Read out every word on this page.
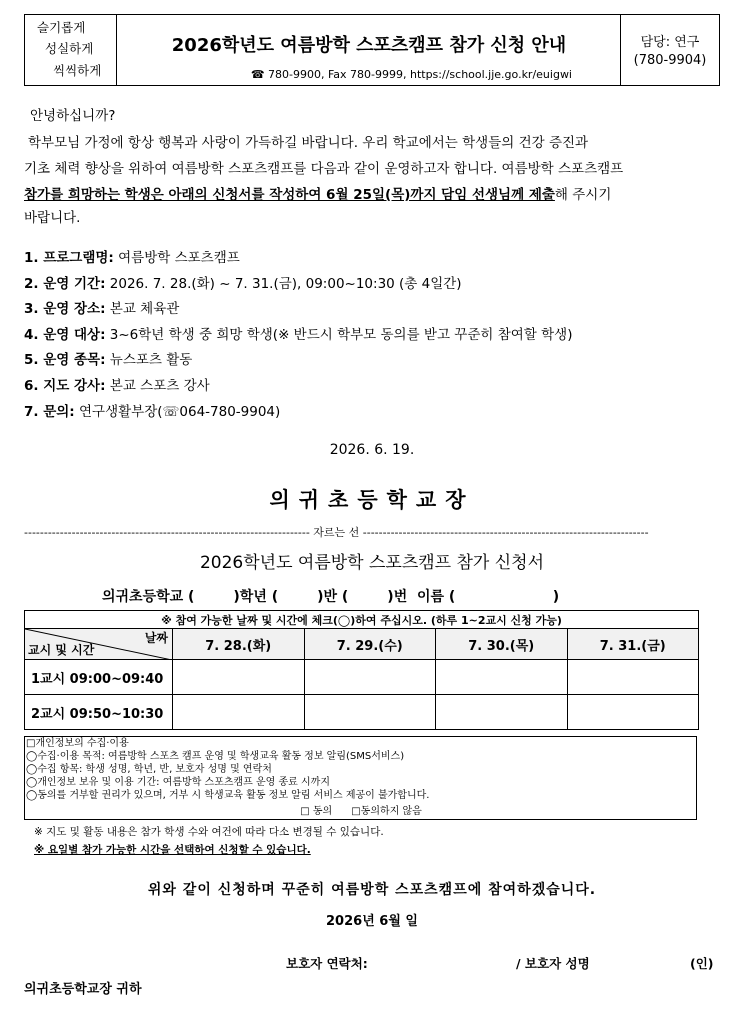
슬기롭게
성실하게
씩씩하게
2026학년도 여름방학 스포츠캠프 참가 신청 안내
☎ 780-9900, Fax 780-9999, https://school.jje.go.kr/euigwi
담당: 연구
(780-9904)
안녕하십니까?
학부모님 가정에 항상 행복과 사랑이 가득하길 바랍니다. 우리 학교에서는 학생들의 건강 증진과
기초 체력 향상을 위하여 여름방학 스포츠캠프를 다음과 같이 운영하고자 합니다. 여름방학 스포츠캠프
참가를 희망하는 학생은 아래의 신청서를 작성하여 6월 25일(목)까지 담임 선생님께 제출해 주시기
바랍니다.
1. 프로그램명: 여름방학 스포츠캠프
2. 운영 기간: 2026. 7. 28.(화) ~ 7. 31.(금), 09:00~10:30 (총 4일간)
3. 운영 장소: 본교 체육관
4. 운영 대상: 3~6학년 학생 중 희망 학생(※ 반드시 학부모 동의를 받고 꾸준히 참여할 학생)
5. 운영 종목: 뉴스포츠 활동
6. 지도 강사: 본교 스포츠 강사
7. 문의: 연구생활부장(☏064-780-9904)
2026. 6. 19.
의귀초등학교장
------------------------------------------------------------------------ 자르는 선 ------------------------------------------------------------------------
2026학년도 여름방학 스포츠캠프 참가 신청서
의귀초등학교 (        )학년 (        )반 (        )번  이름 (                    )
※ 참여 가능한 날짜 및 시간에 체크(◯)하여 주십시오. (하루 1~2교시 신청 가능)				

날짜
교시 및 시간	7. 28.(화)	7. 29.(수)	7. 30.(목)	7. 31.(금)
1교시 09:00~09:40				
2교시 09:50~10:30				
□개인정보의 수집·이용
◯수집·이용 목적: 여름방학 스포츠 캠프 운영 및 학생교육 활동 정보 알림(SMS서비스)
◯수집 항목: 학생 성명, 학년, 반, 보호자 성명 및 연락처
◯개인정보 보유 및 이용 기간: 여름방학 스포츠캠프 운영 종료 시까지
◯동의를 거부할 권리가 있으며, 거부 시 학생교육 활동 정보 알림 서비스 제공이 불가합니다.
□ 동의 □동의하지 않음
※ 지도 및 활동 내용은 참가 학생 수와 여건에 따라 다소 변경될 수 있습니다.
※ 요일별 참가 가능한 시간을 선택하여 신청할 수 있습니다.
위와 같이 신청하며 꾸준히 여름방학 스포츠캠프에 참여하겠습니다.
2026년 6월 일
보호자 연락처:	/ 보호자 성명	(인)
의귀초등학교장 귀하
